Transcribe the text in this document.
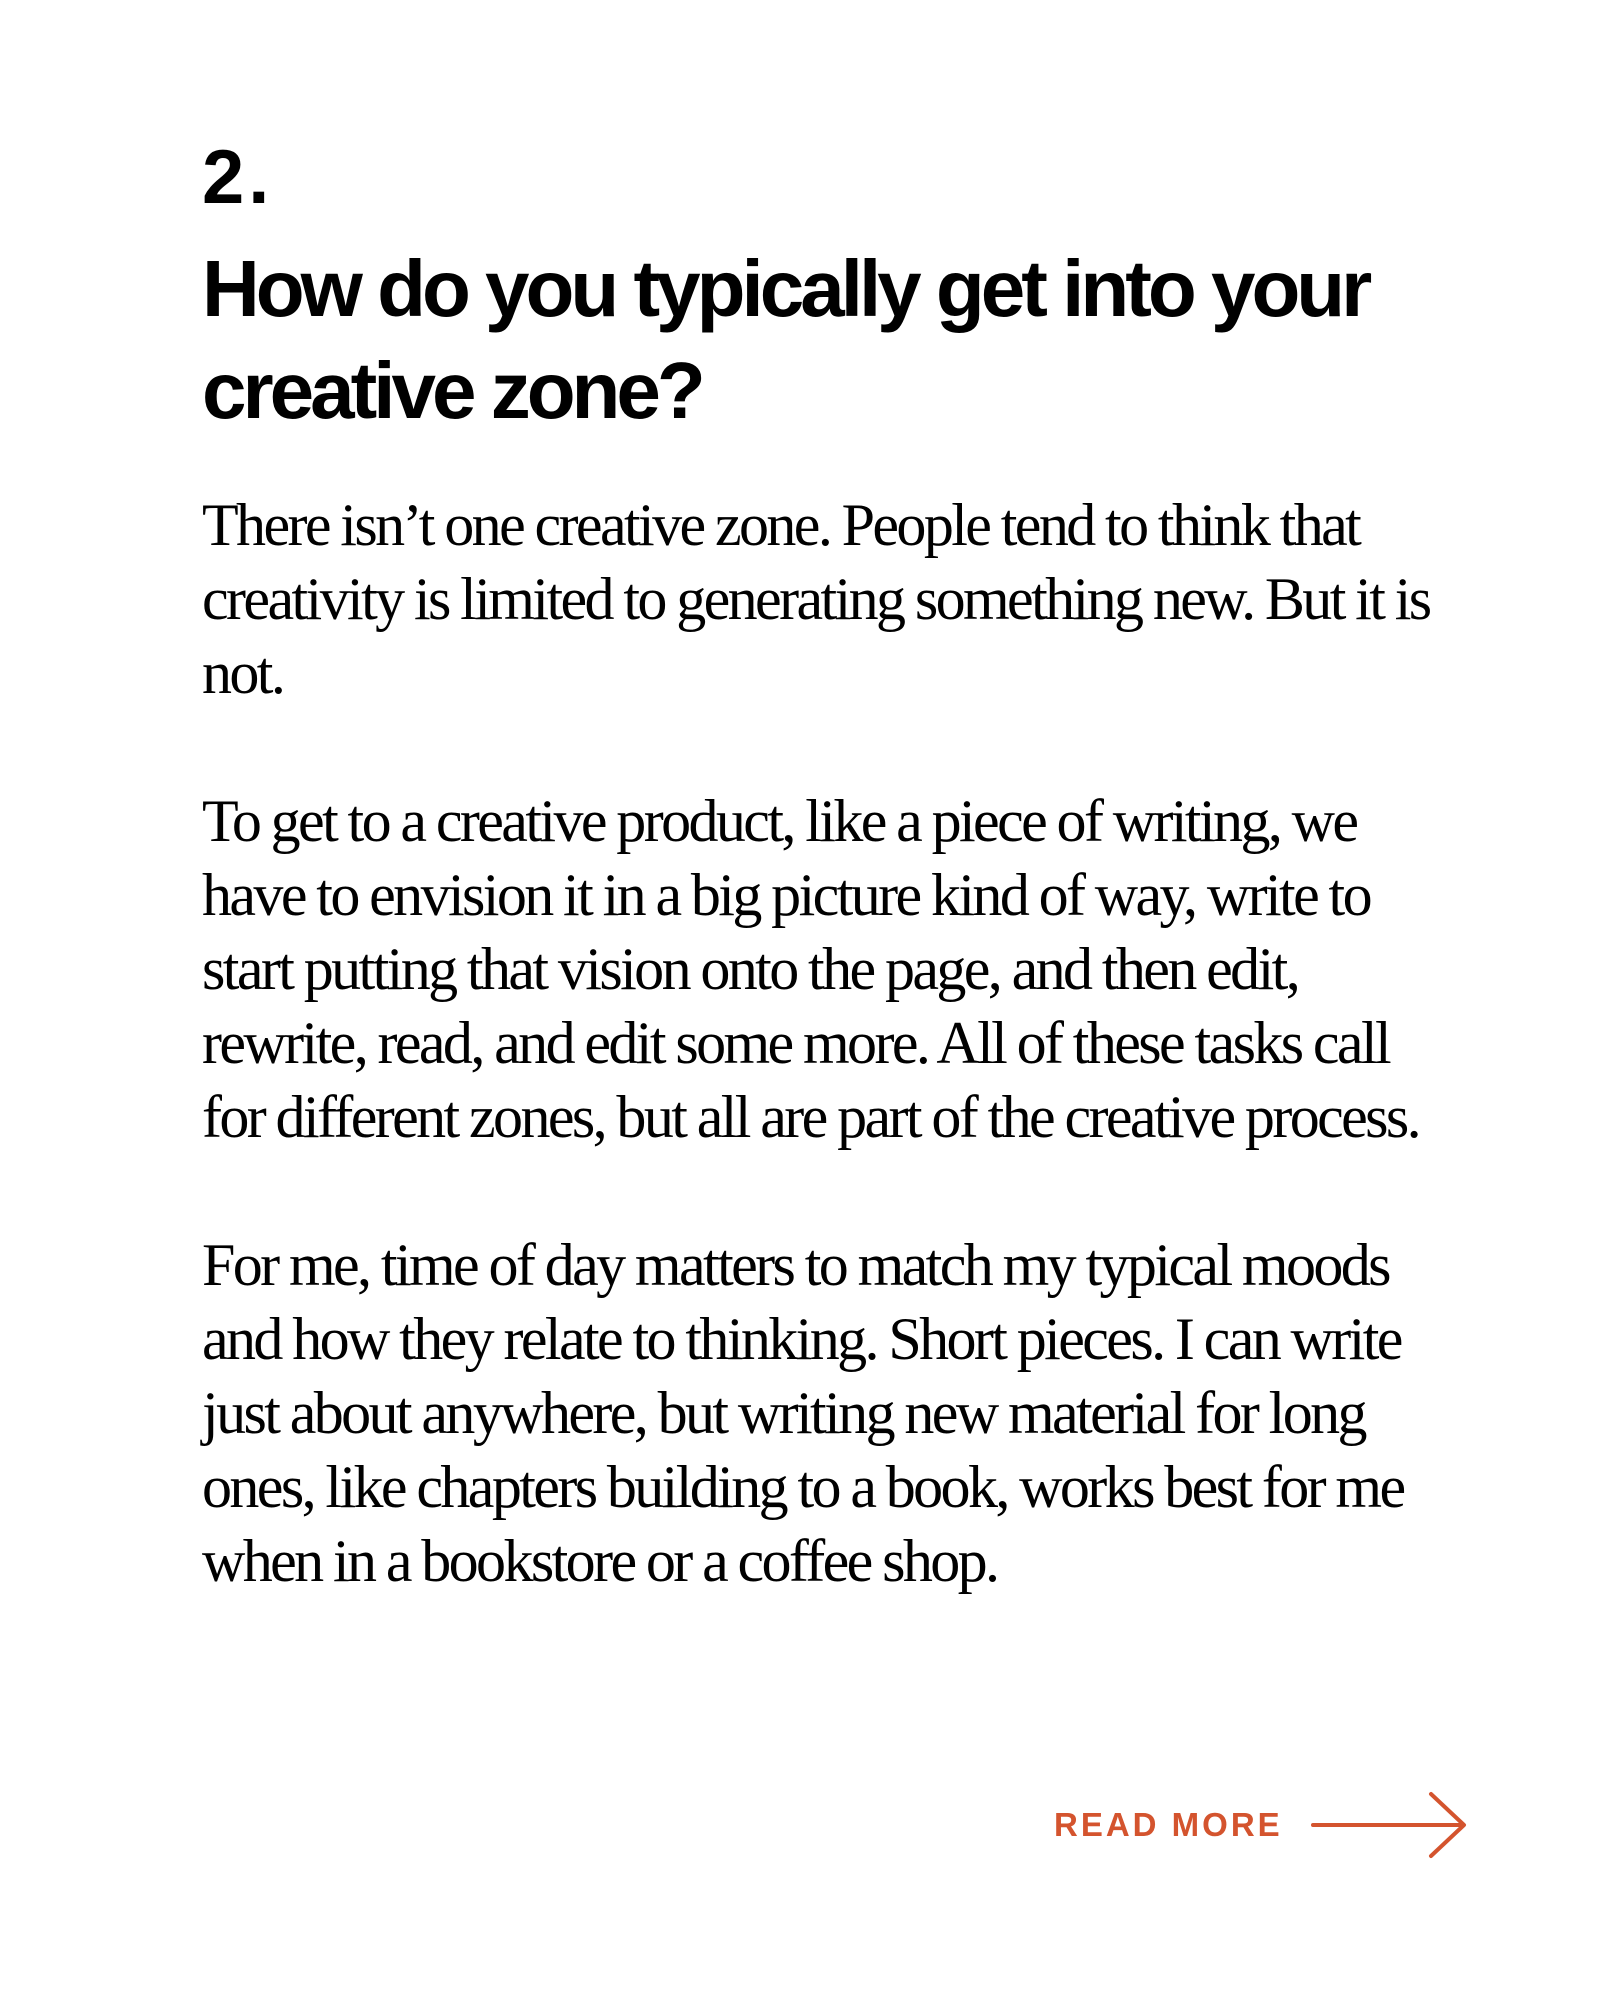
2.
How do you typically get into your creative zone?

There isn’t one creative zone. People tend to think that creativity is limited to generating something new. But it is not.

To get to a creative product, like a piece of writing, we have to envision it in a big picture kind of way, write to start putting that vision onto the page, and then edit, rewrite, read, and edit some more. All of these tasks call for different zones, but all are part of the creative process.

For me, time of day matters to match my typical moods and how they relate to thinking. Short pieces. I can write just about anywhere, but writing new material for long ones, like chapters building to a book, works best for me when in a bookstore or a coffee shop.

READ MORE
